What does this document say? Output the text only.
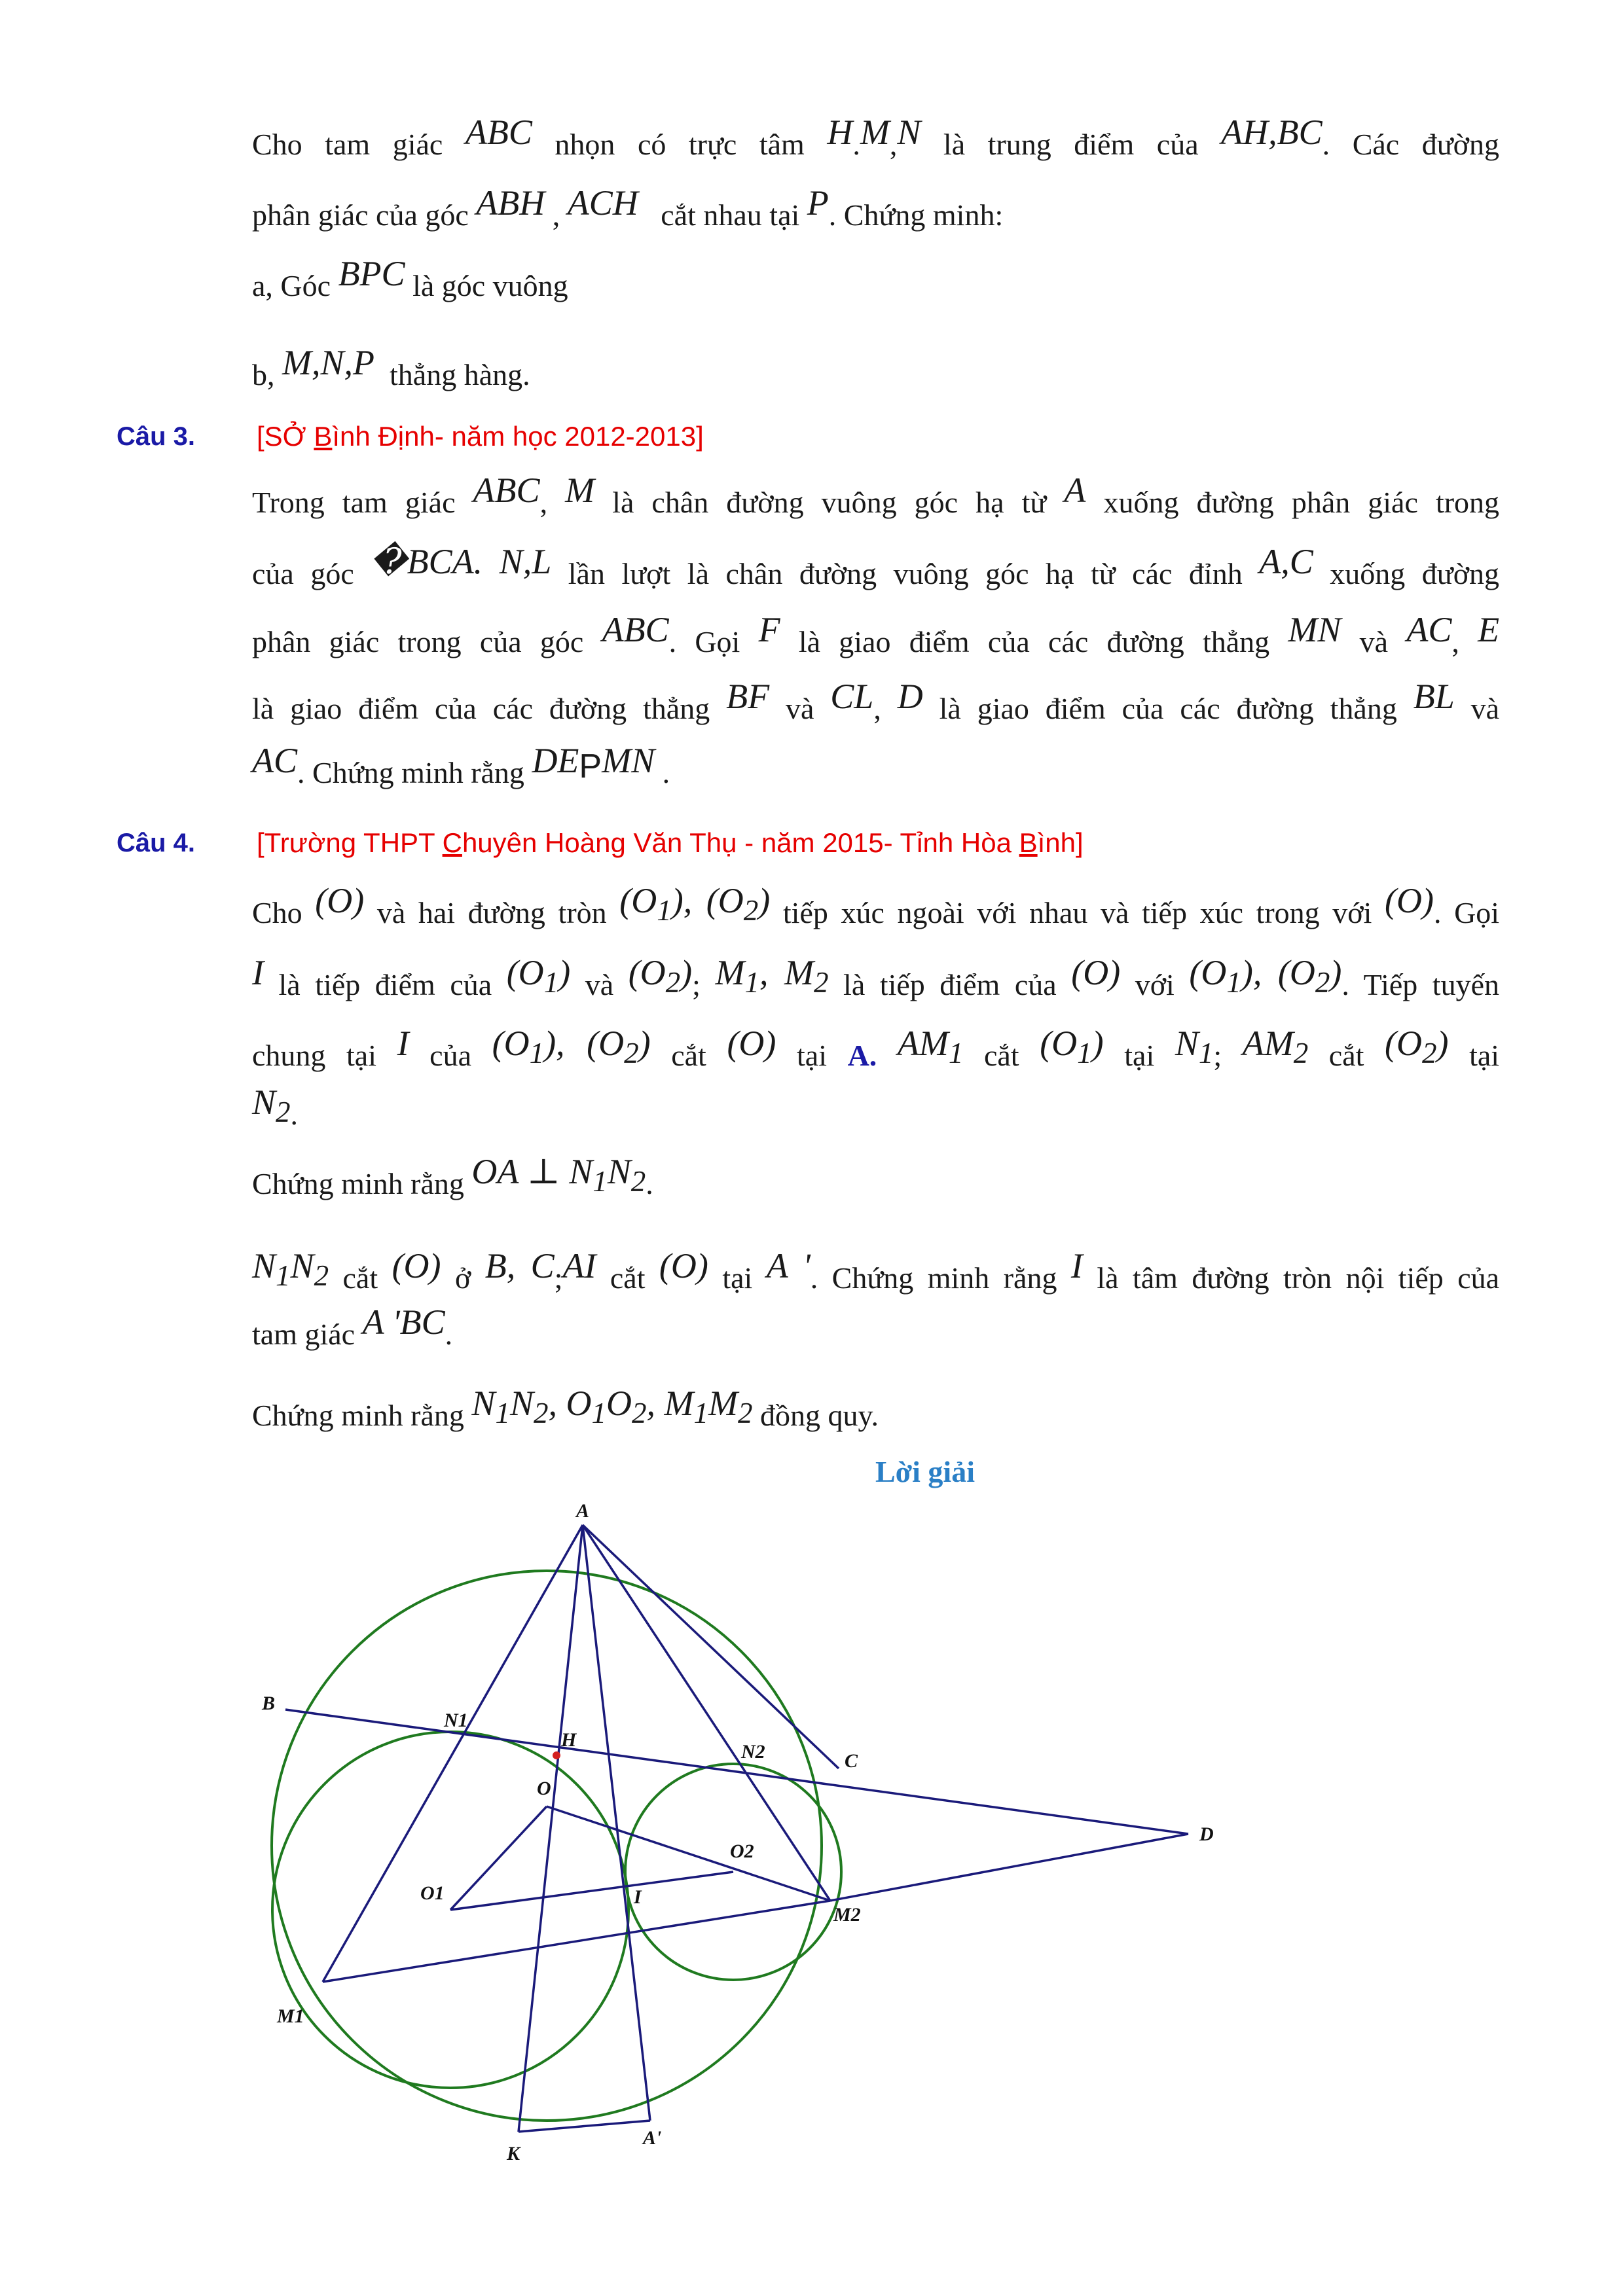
Cho tam giác ABC nhọn có trực tâm H.M,N là trung điểm của AH,BC. Các đường
phân giác của góc ABH , ACH cắt nhau tại P. Chứng minh:
a, Góc BPC là góc vuông
b, M,N,P thẳng hàng.
Câu 3. [SỞ Bình Định- năm học 2012-2013]
Trong tam giác ABC, M là chân đường vuông góc hạ từ A xuống đường phân giác trong
của góc �BCA. N,L lần lượt là chân đường vuông góc hạ từ các đỉnh A,C xuống đường
phân giác trong của góc ABC. Gọi F là giao điểm của các đường thẳng MN và AC, E
là giao điểm của các đường thẳng BF và CL, D là giao điểm của các đường thẳng BL và
AC. Chứng minh rằng DEPMN .
Câu 4. [Trường THPT Chuyên Hoàng Văn Thụ - năm 2015- Tỉnh Hòa Bình]
Cho (O) và hai đường tròn $(O_1)$, $(O_2)$ tiếp xúc ngoài với nhau và tiếp xúc trong với (O). Gọi
I là tiếp điểm của $(O_1)$ và $(O_2)$; $M_1$, $M_2$ là tiếp điểm của (O) với $(O_1)$, $(O_2)$. Tiếp tuyến
chung tại I của $(O_1)$, $(O_2)$ cắt (O) tại A. $AM_1$ cắt $(O_1)$ tại $N_1$; $AM_2$ cắt $(O_2)$ tại
$N_2$.
Chứng minh rằng OA ⊥ $N_1N_2$.
$N_1N_2$ cắt (O) ở B, C;AI cắt (O) tại A '. Chứng minh rằng I là tâm đường tròn nội tiếp của
tam giác A 'BC.
Chứng minh rằng $N_1N_2$, $O_1O_2$, $M_1M_2$ đồng quy.
Lời giải
A
B
N1
H
N2	C
D
O
O2
O1	I
M2
M1
K
A'
